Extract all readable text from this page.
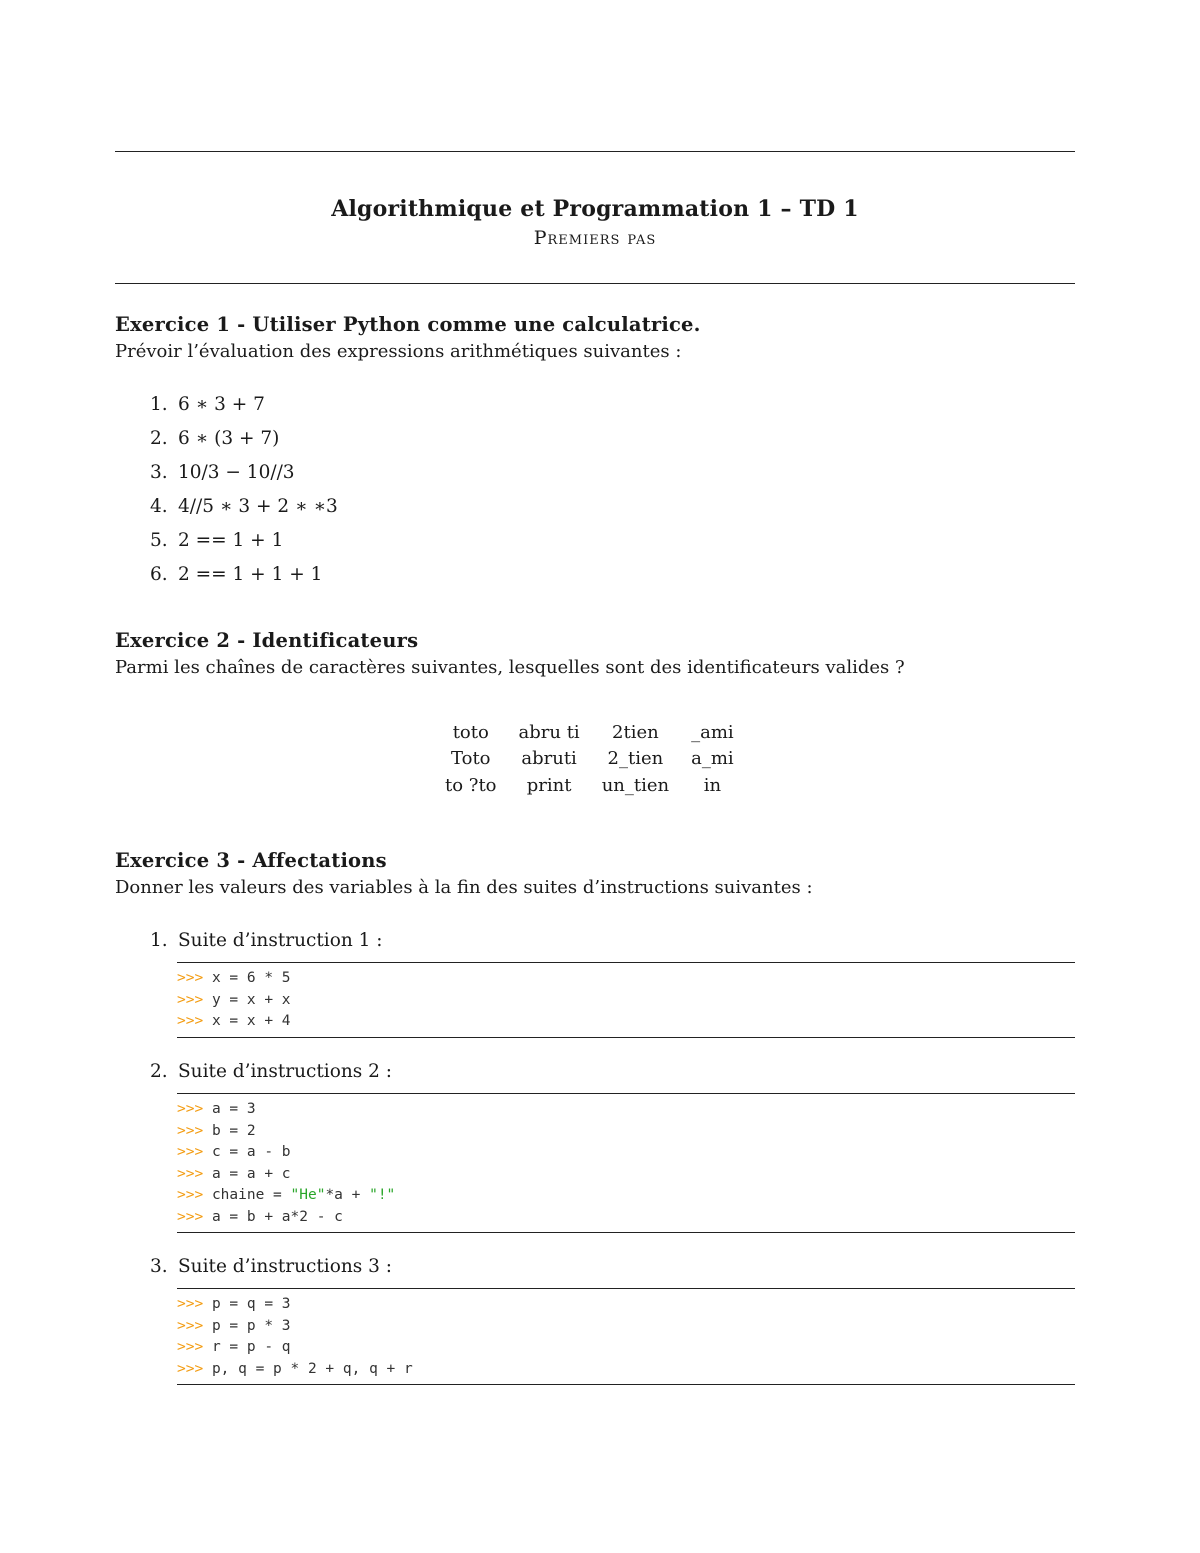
Algorithmique et Programmation 1 – TD 1
Premiers pas
Exercice 1 - Utiliser Python comme une calculatrice.
Prévoir l’évaluation des expressions arithmétiques suivantes :
1. 6 ∗ 3 + 7
2. 6 ∗ (3 + 7)
3. 10/3 − 10//3
4. 4//5 ∗ 3 + 2 ∗ ∗3
5. 2 == 1 + 1
6. 2 == 1 + 1 + 1
Exercice 2 - Identificateurs
Parmi les chaînes de caractères suivantes, lesquelles sont des identificateurs valides ?
toto	abru ti	2tien	_ami
Toto	abruti	2_tien	a_mi
to ?to	print	un_tien	in
Exercice 3 - Affectations
Donner les valeurs des variables à la fin des suites d’instructions suivantes :
1. Suite d’instruction 1 :
>>> x = 6 * 5
>>> y = x + x
>>> x = x + 4
2. Suite d’instructions 2 :
>>> a = 3
>>> b = 2
>>> c = a - b
>>> a = a + c
>>> chaine = "He"*a + "!"
>>> a = b + a*2 - c
3. Suite d’instructions 3 :
>>> p = q = 3
>>> p = p * 3
>>> r = p - q
>>> p, q = p * 2 + q, q + r
